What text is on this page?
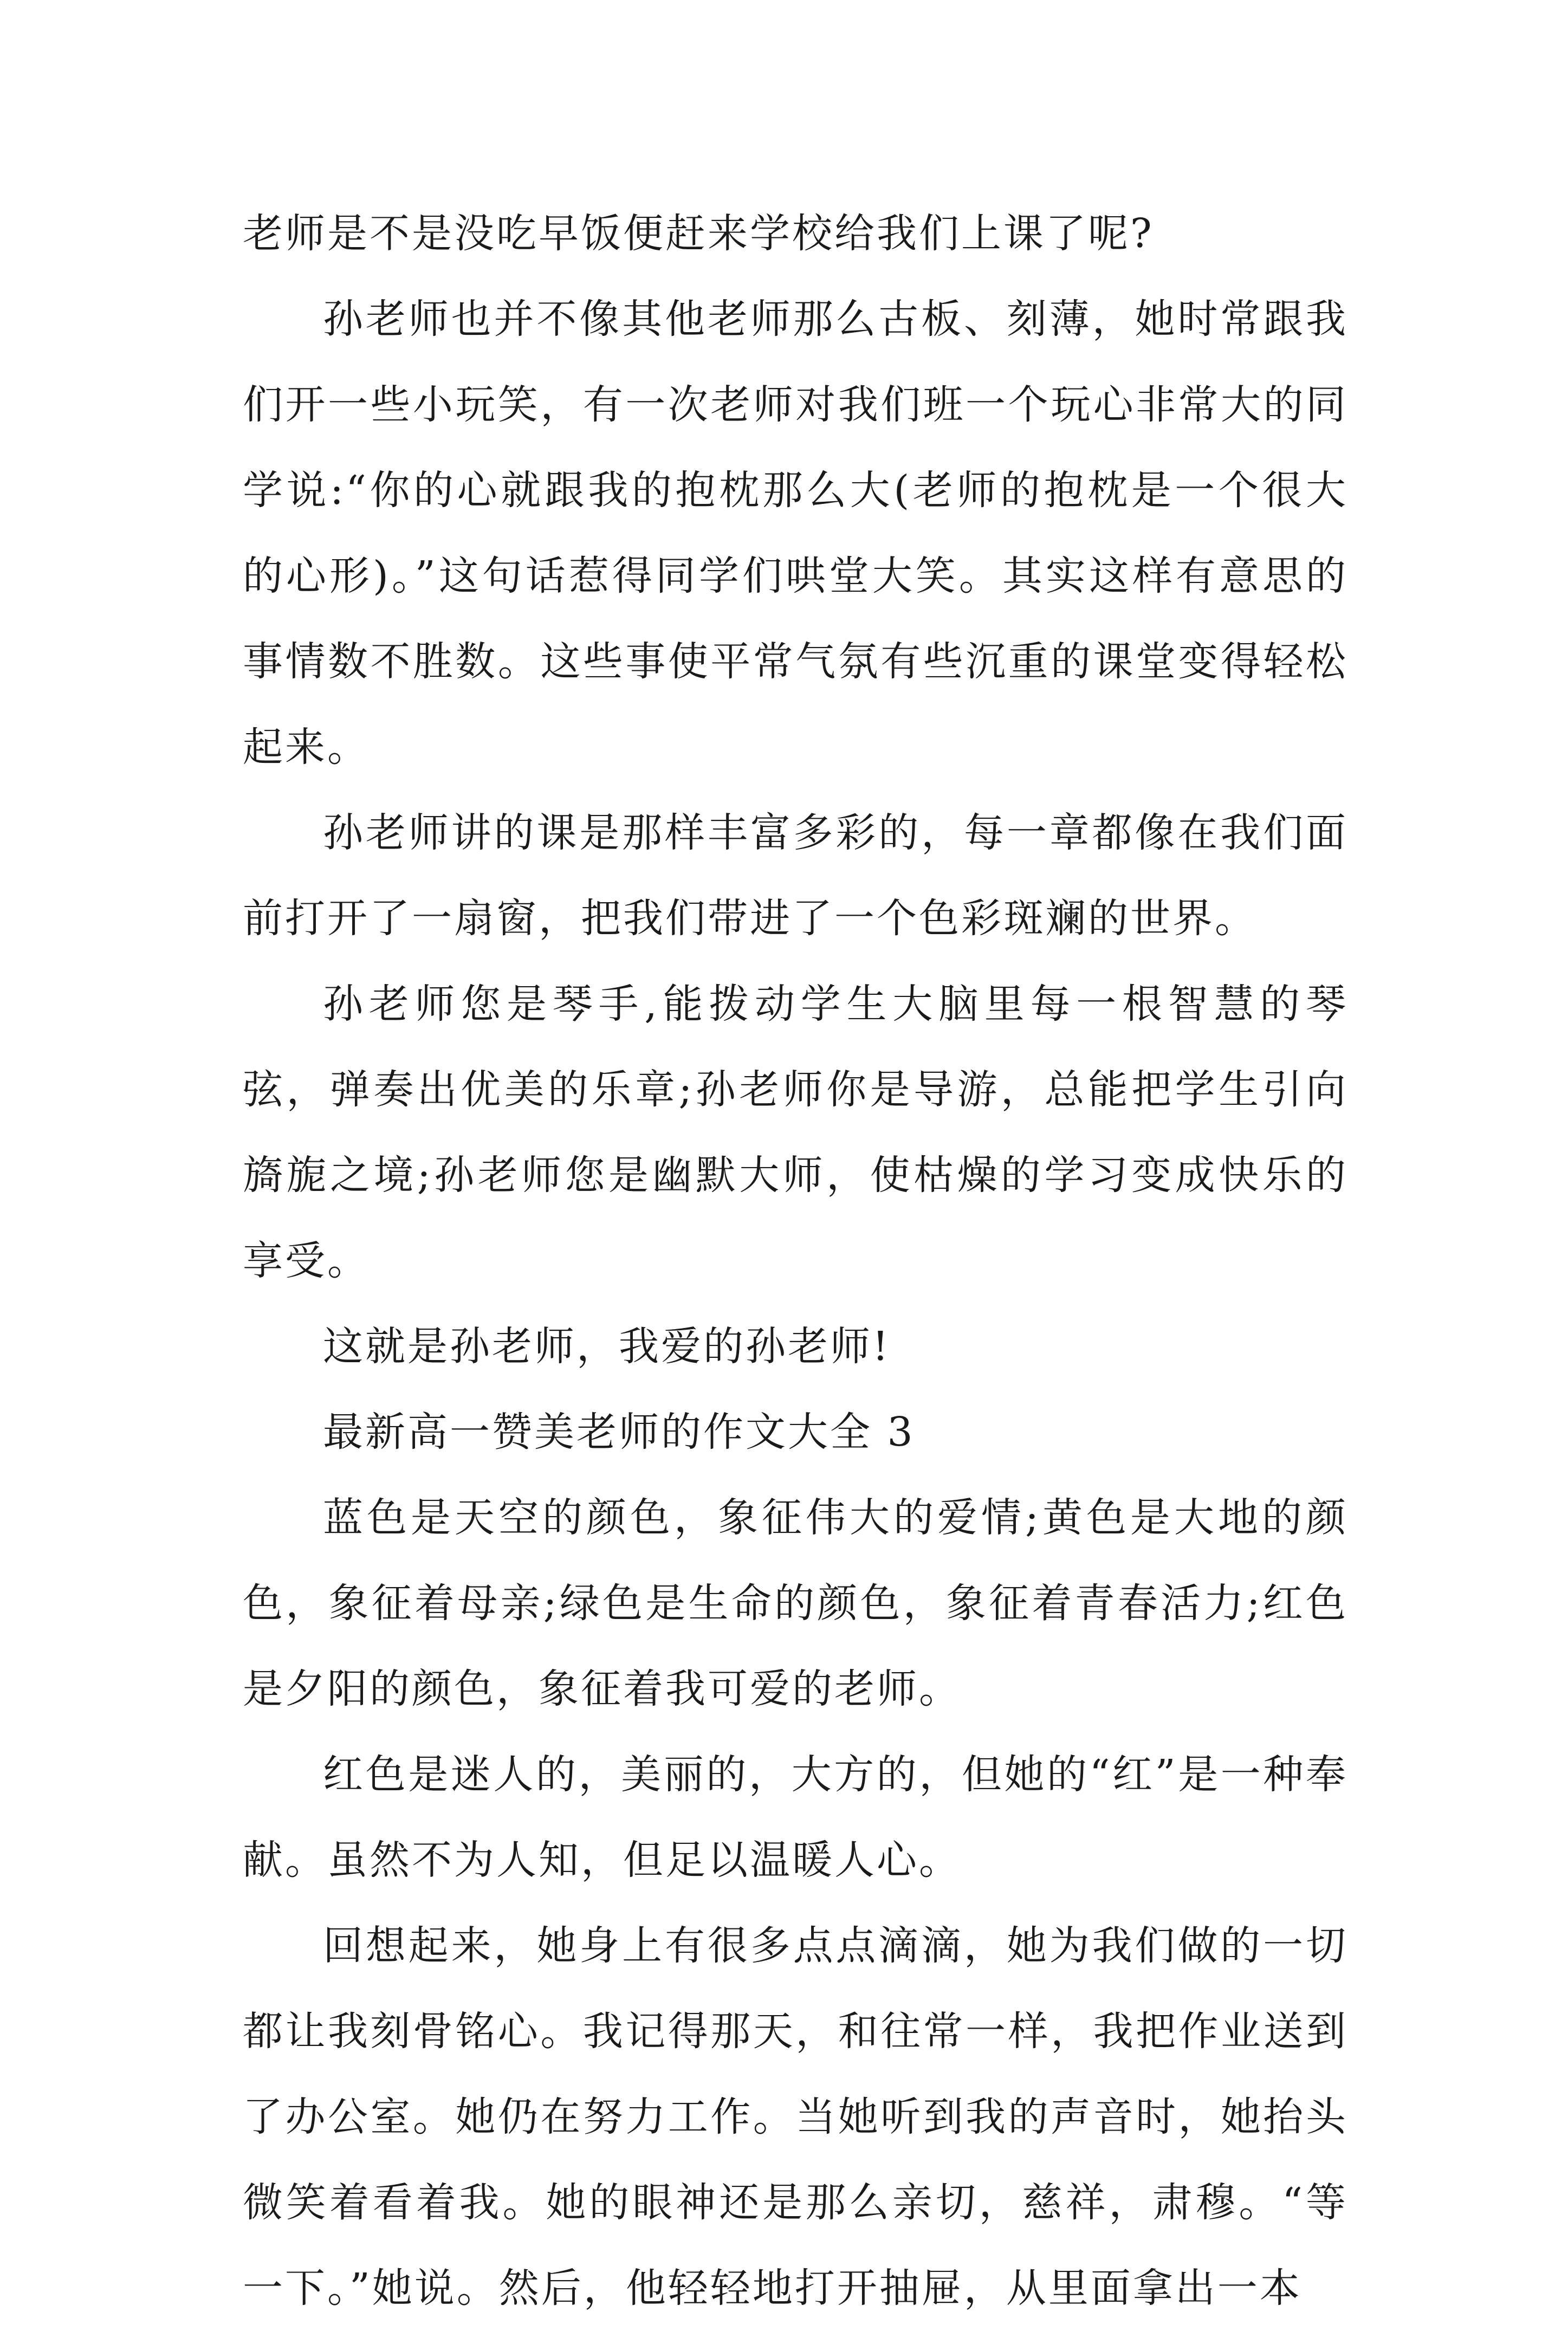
老师是不是没吃早饭便赶来学校给我们上课了呢?

孙老师也并不像其他老师那么古板、刻薄，她时常跟我们开一些小玩笑，有一次老师对我们班一个玩心非常大的同学说:“你的心就跟我的抱枕那么大(老师的抱枕是一个很大的心形)。”这句话惹得同学们哄堂大笑。其实这样有意思的事情数不胜数。这些事使平常气氛有些沉重的课堂变得轻松起来。

孙老师讲的课是那样丰富多彩的，每一章都像在我们面前打开了一扇窗，把我们带进了一个色彩斑斓的世界。

孙老师您是琴手,能拨动学生大脑里每一根智慧的琴弦，弹奏出优美的乐章;孙老师你是导游，总能把学生引向旖旎之境;孙老师您是幽默大师，使枯燥的学习变成快乐的享受。

这就是孙老师，我爱的孙老师!

最新高一赞美老师的作文大全 3

蓝色是天空的颜色，象征伟大的爱情;黄色是大地的颜色，象征着母亲;绿色是生命的颜色，象征着青春活力;红色是夕阳的颜色，象征着我可爱的老师。

红色是迷人的，美丽的，大方的，但她的“红”是一种奉献。虽然不为人知，但足以温暖人心。

回想起来，她身上有很多点点滴滴，她为我们做的一切都让我刻骨铭心。我记得那天，和往常一样，我把作业送到了办公室。她仍在努力工作。当她听到我的声音时，她抬头微笑着看着我。她的眼神还是那么亲切，慈祥，肃穆。“等一下。”她说。然后，他轻轻地打开抽屉，从里面拿出一本
